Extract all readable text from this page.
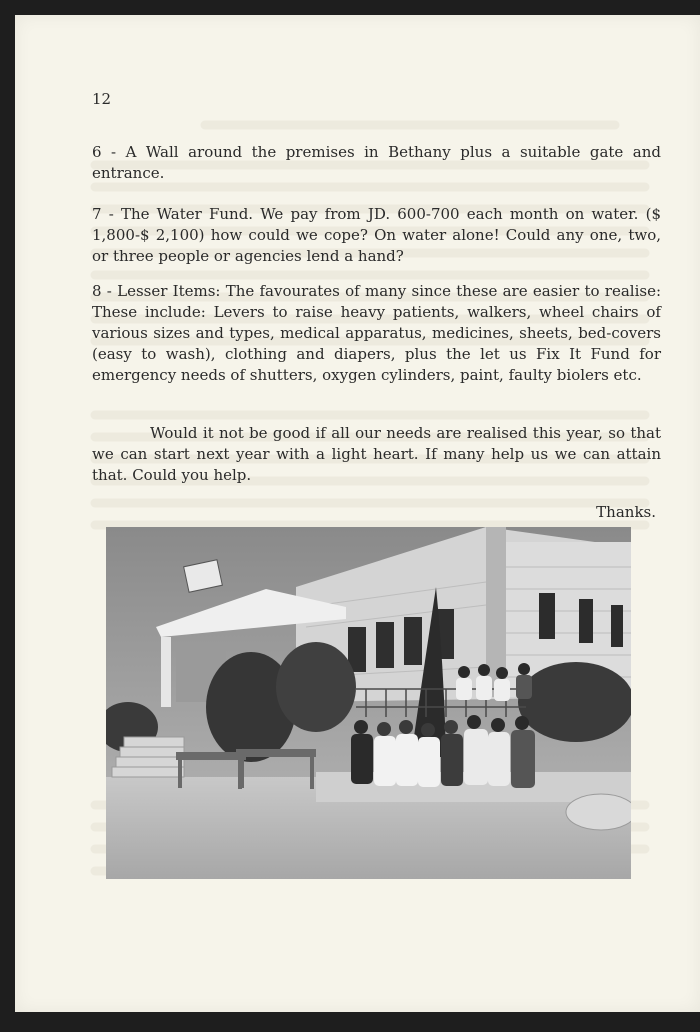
12
6 - A Wall around the premises in Bethany plus a suitable gate and entrance.
7 - The Water Fund. We pay from JD. 600-700 each month on water. ($ 1,800-$ 2,100) how could we cope? On water alone! Could any one, two, or three people or agencies lend a hand?
8 - Lesser Items: The favourates of many since these are easier to realise: These include: Levers to raise heavy patients, walkers, wheel chairs of various sizes and types, medical apparatus, medicines, sheets, bed-covers (easy to wash), clothing and diapers, plus the let us Fix It Fund for emergency needs of shutters, oxygen cylinders, paint, faulty biolers etc.
Would it not be good if all our needs are realised this year, so that we can start next year with a light heart. If many help us we can attain that. Could you help.
Thanks.
